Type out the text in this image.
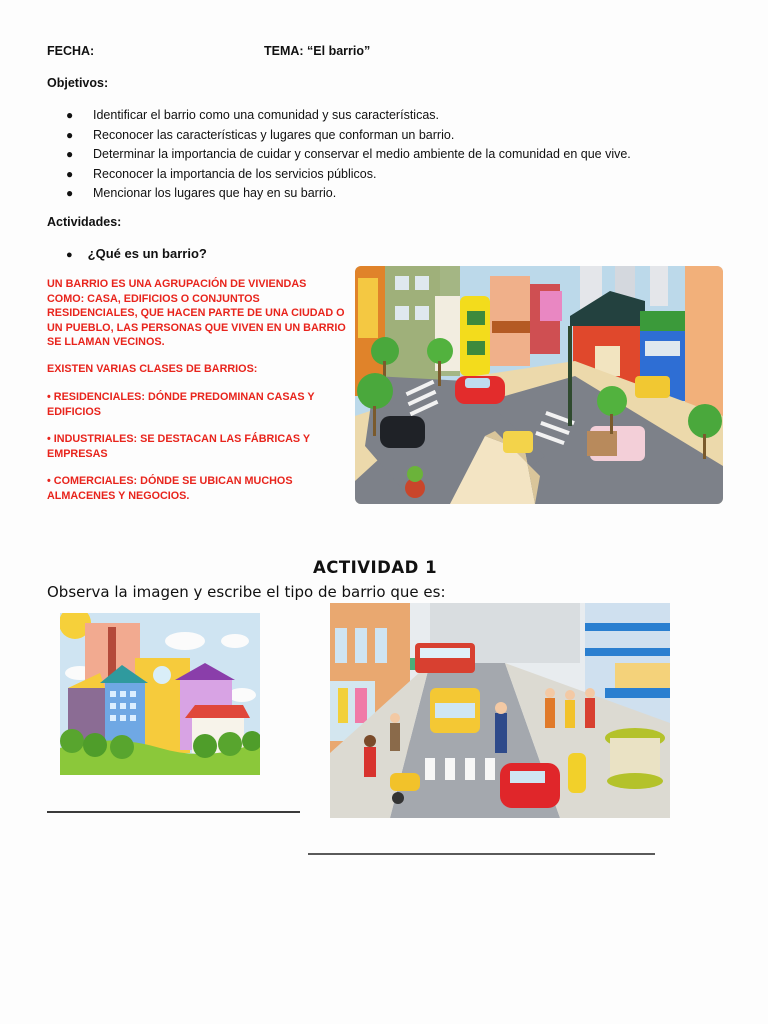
FECHA:	TEMA: “El barrio”
Objetivos:
● Identificar el barrio como una comunidad y sus características.
● Reconocer las características y lugares que conforman un barrio.
● Determinar la importancia de cuidar y conservar el medio ambiente de la comunidad en que vive.
● Reconocer la importancia de los servicios públicos.
● Mencionar los lugares que hay en su barrio.
Actividades:
● ¿Qué es un barrio?

UN BARRIO ES UNA AGRUPACIÓN DE VIVIENDAS

COMO: CASA, EDIFICIOS O CONJUNTOS

RESIDENCIALES, QUE HACEN PARTE DE UNA CIUDAD O

UN PUEBLO, LAS PERSONAS QUE VIVEN EN UN BARRIO

SE LLAMAN VECINOS.

EXISTEN VARIAS CLASES DE BARRIOS:

• RESIDENCIALES: DÓNDE PREDOMINAN CASAS Y

EDIFICIOS

• INDUSTRIALES: SE DESTACAN LAS FÁBRICAS Y

EMPRESAS

• COMERCIALES: DÓNDE SE UBICAN MUCHOS

ALMACENES Y NEGOCIOS.

ACTIVIDAD 1
Observa la imagen y escribe el tipo de barrio que es:
